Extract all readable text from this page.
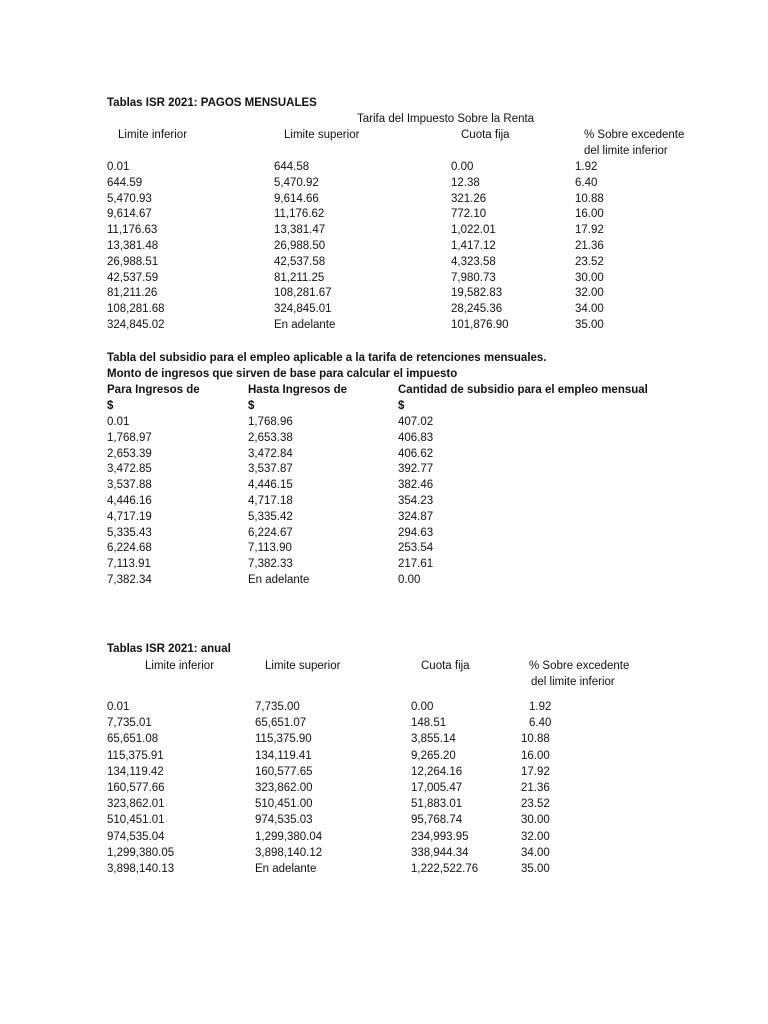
Tablas ISR 2021: PAGOS MENSUALES
Tarifa del Impuesto Sobre la Renta
Limite inferior	Limite superior	Cuota fija	% Sobre excedente
del limite inferior
0.01	644.58	0.00	1.92
644.59	5,470.92	12.38	6.40
5,470.93	9,614.66	321.26	10.88
9,614.67	11,176.62	772.10	16.00
11,176.63	13,381.47	1,022.01	17.92
13,381.48	26,988.50	1,417.12	21.36
26,988.51	42,537.58	4,323.58	23.52
42,537.59	81,211.25	7,980.73	30.00
81,211.26	108,281.67	19,582.83	32.00
108,281.68	324,845.01	28,245.36	34.00
324,845.02	En adelante	101,876.90	35.00
Tabla del subsidio para el empleo aplicable a la tarifa de retenciones mensuales.
Monto de ingresos que sirven de base para calcular el impuesto
Para Ingresos de	Hasta Ingresos de	Cantidad de subsidio para el empleo mensual
$	$	$
0.01	1,768.96	407.02
1,768.97	2,653.38	406.83
2,653.39	3,472.84	406.62
3,472.85	3,537.87	392.77
3,537.88	4,446.15	382.46
4,446.16	4,717.18	354.23
4,717.19	5,335.42	324.87
5,335.43	6,224.67	294.63
6,224.68	7,113.90	253.54
7,113.91	7,382.33	217.61
7,382.34	En adelante	0.00
Tablas ISR 2021: anual
Limite inferior	Limite superior	Cuota fija	% Sobre excedente
del limite inferior
0.01	7,735.00	0.00	1.92
7,735.01	65,651.07	148.51	6.40
65,651.08	115,375.90	3,855.14	10.88
115,375.91	134,119.41	9,265.20	16.00
134,119.42	160,577.65	12,264.16	17.92
160,577.66	323,862.00	17,005.47	21.36
323,862.01	510,451.00	51,883.01	23.52
510,451.01	974,535.03	95,768.74	30.00
974,535.04	1,299,380.04	234,993.95	32.00
1,299,380.05	3,898,140.12	338,944.34	34.00
3,898,140.13	En adelante	1,222,522.76	35.00
